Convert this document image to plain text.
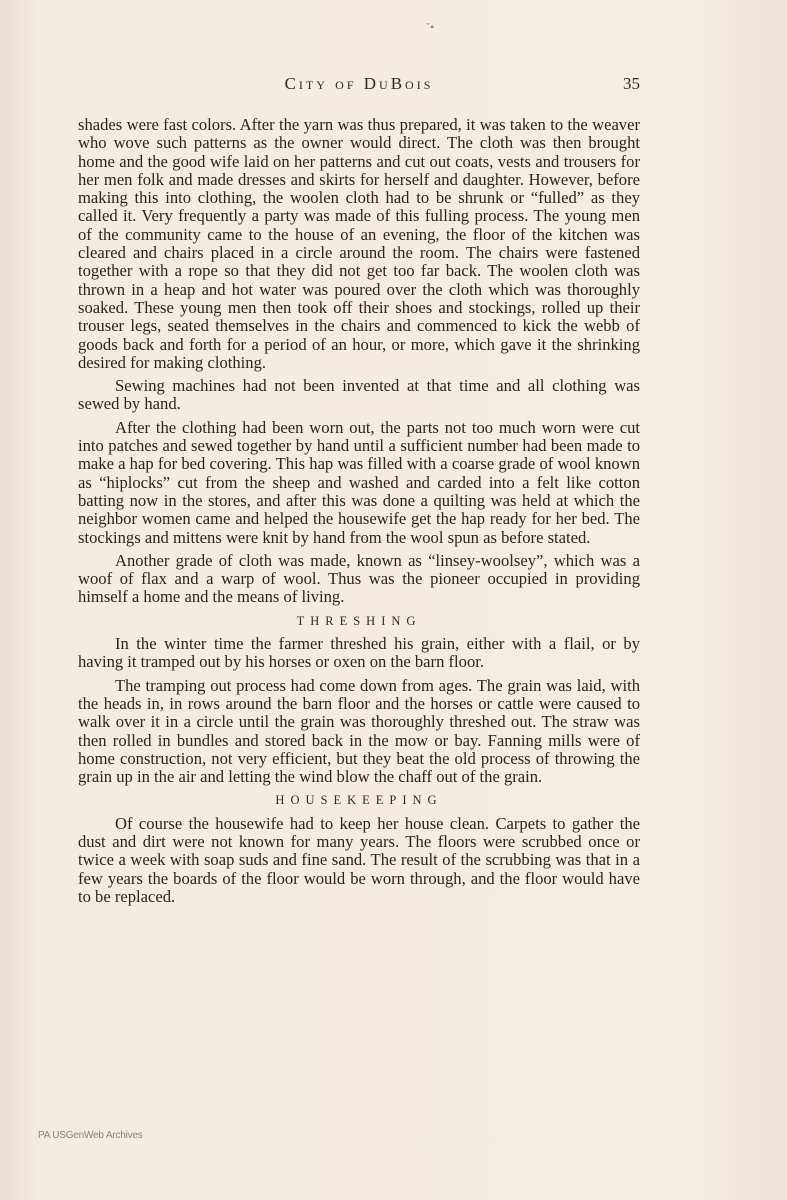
˘•
City of DuBois	35

shades were fast colors. After the yarn was thus prepared, it was taken to the weaver who wove such patterns as the owner would direct. The cloth was then brought home and the good wife laid on her patterns and cut out coats, vests and trousers for her men folk and made dresses and skirts for herself and daughter. However, before making this into clothing, the woolen cloth had to be shrunk or “fulled” as they called it. Very frequently a party was made of this fulling process. The young men of the community came to the house of an evening, the floor of the kitchen was cleared and chairs placed in a circle around the room. The chairs were fastened together with a rope so that they did not get too far back. The woolen cloth was thrown in a heap and hot water was poured over the cloth which was thoroughly soaked. These young men then took off their shoes and stockings, rolled up their trouser legs, seated themselves in the chairs and commenced to kick the webb of goods back and forth for a period of an hour, or more, which gave it the shrinking desired for making clothing.

Sewing machines had not been invented at that time and all clothing was sewed by hand.

After the clothing had been worn out, the parts not too much worn were cut into patches and sewed together by hand until a sufficient number had been made to make a hap for bed covering. This hap was filled with a coarse grade of wool known as “hiplocks” cut from the sheep and washed and carded into a felt like cotton batting now in the stores, and after this was done a quilting was held at which the neighbor women came and helped the housewife get the hap ready for her bed. The stockings and mittens were knit by hand from the wool spun as before stated.

Another grade of cloth was made, known as “linsey-woolsey”, which was a woof of flax and a warp of wool. Thus was the pioneer occupied in providing himself a home and the means of living.

THRESHING

In the winter time the farmer threshed his grain, either with a flail, or by having it tramped out by his horses or oxen on the barn floor.

The tramping out process had come down from ages. The grain was laid, with the heads in, in rows around the barn floor and the horses or cattle were caused to walk over it in a circle until the grain was thoroughly threshed out. The straw was then rolled in bundles and stored back in the mow or bay. Fanning mills were of home construction, not very efficient, but they beat the old process of throwing the grain up in the air and letting the wind blow the chaff out of the grain.

HOUSEKEEPING

Of course the housewife had to keep her house clean. Carpets to gather the dust and dirt were not known for many years. The floors were scrubbed once or twice a week with soap suds and fine sand. The result of the scrubbing was that in a few years the boards of the floor would be worn through, and the floor would have to be replaced.

PA USGenWeb Archives
